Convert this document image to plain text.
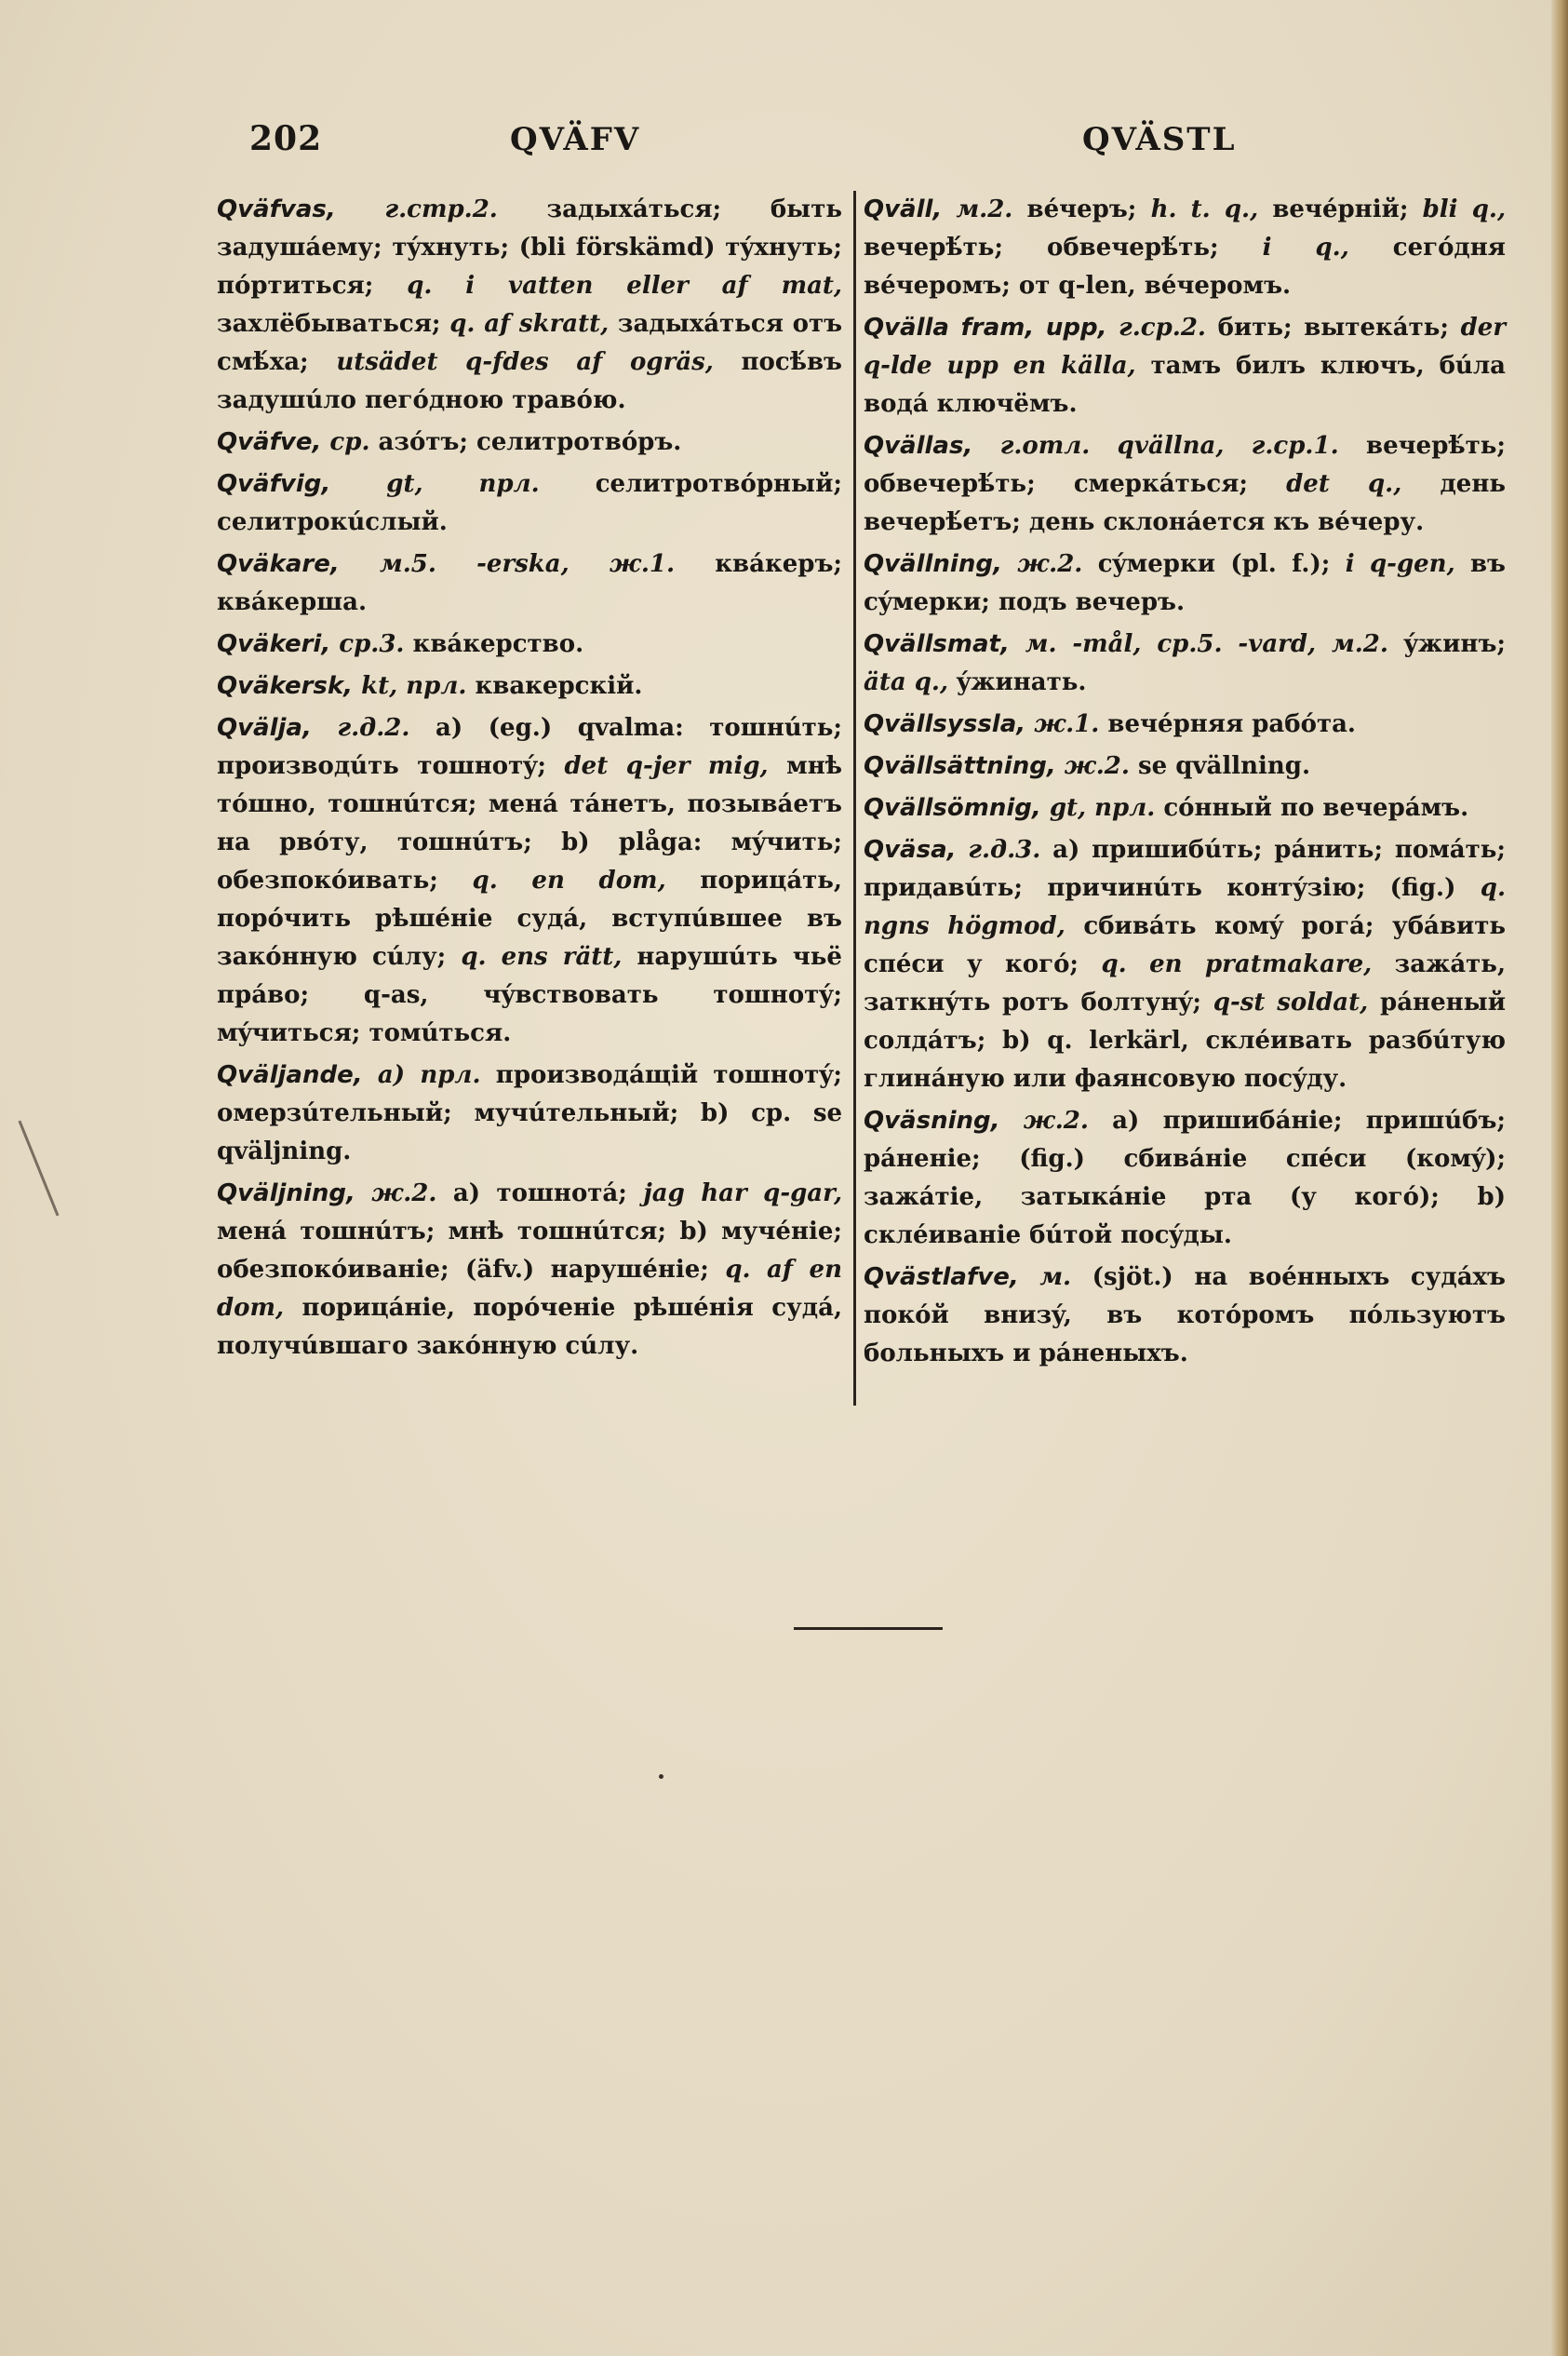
202	QVÄFV	QVÄSTL
Qväfvas, г.стр.2. задыхáться; быть задушáему; тýхнуть; (bli förskämd) тýхнуть; пóртиться; q. i vatten eller af mat, захлёбываться; q. af skratt, задыхáться отъ смѣ́ха; utsädet q-fdes af ogräs, посѣ́въ задушúло пегóдною травóю.
Qväfve, ср. азóтъ; селитротвóръ.
Qväfvig, gt, прл. селитротвóрный; селитрокúслый.
Qväkare, м.5. -erska, ж.1. квáкеръ; квáкерша.
Qväkeri, ср.3. квáкерство.
Qväkersk, kt, прл. квакерскій.
Qvälja, г.д.2. а) (eg.) qvalma: тошнúть; производúть тошнотý; det q-jer mig, мнѣ тóшно, тошнúтся; менá тáнетъ, позывáетъ на рвóту, тошнúтъ; b) plåga: мýчить; обезпокóивать; q. en dom, порицáть, порóчить рѣшéніе судá, вступúвшее въ закóнную сúлу; q. ens rätt, нарушúть чьё прáво; q-as, чýвствовать тошнотý; мýчиться; томúться.
Qväljande, а) прл. производáщій тошнотý; омерзúтельный; мучúтельный; b) ср. se qväljning.
Qväljning, ж.2. а) тошнотá; jag har q-gar, менá тошнúтъ; мнѣ тошнúтся; b) мучéніе; обезпокóиваніе; (äfv.) нарушéніе; q. af en dom, порицáніе, порóченіе рѣшéнія судá, получúвшаго закóнную сúлу.
Qväll, м.2. вéчеръ; h. t. q., вечéрній; bli q., вечерѣ́ть; обвечерѣ́ть; i q., сегóдня вéчеромъ; от q-len, вéчеромъ.
Qvälla fram, upp, г.ср.2. бить; вытекáть; der q-lde upp en källa, тамъ билъ ключъ, бúла водá ключёмъ.
Qvällas, г.отл. qvällna, г.ср.1. вечерѣ́ть; обвечерѣ́ть; смеркáться; det q., день вечерѣ́етъ; день склонáется къ вéчеру.
Qvällning, ж.2. сýмерки (pl. f.); i q-gen, въ сýмерки; подъ вечеръ.
Qvällsmat, м. -mål, ср.5. -vard, м.2. ýжинъ; äta q., ýжинать.
Qvällsyssla, ж.1. вечéрняя рабóта.
Qvällsättning, ж.2. se qvällning.
Qvällsömnig, gt, прл. сóнный по вечерáмъ.
Qväsa, г.д.3. а) пришибúть; рáнить; помáть; придавúть; причинúть контýзію; (fig.) q. ngns högmod, сбивáть комý рогá; убáвить спéси у когó; q. en pratmakare, зажáть, заткнýть ротъ болтунý; q-st soldat, рáненый солдáтъ; b) q. lerkärl, склéивать разбúтую глинáную или фаянсовую посýду.
Qväsning, ж.2. а) пришибáніе; пришúбъ; рáненіе; (fig.) сбивáніе спéси (комý); зажáтіе, затыкáніе рта (у когó); b) склéиваніе бúтой посýды.
Qvästlafve, м. (sjöt.) на воéнныхъ судáхъ покóй внизý, въ котóромъ пóльзуютъ больныхъ и рáненыхъ.
